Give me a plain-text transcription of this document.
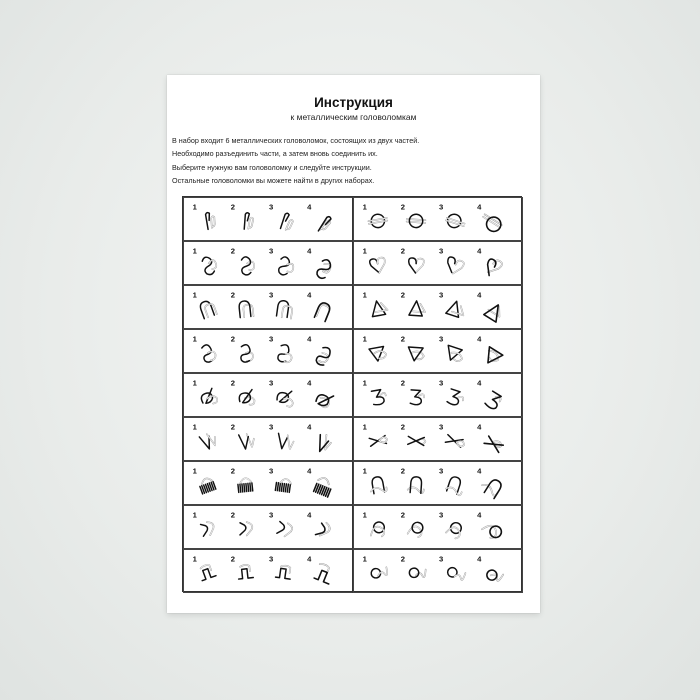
Инструкция
к металлическим головоломкам
В набор входит 6 металлических головоломок, состоящих из двух частей.
Необходимо разъединить части, а затем вновь соединить их.
Выберите нужную вам головоломку и следуйте инструкции.
Остальные головоломки вы можете найти в других наборах.
1	2	3	4	1	2	3	4
1	2	3	4	1	2	3	4
1	2	3	4	1	2	3	4
1	2	3	4	1	2	3	4
1	2	3	4	1	2	3	4
1	2	3	4	1	2	3	4
1	2	3	4	1	2	3	4
1	2	3	4	1	2	3	4
1	2	3	4	1	2	3	4
